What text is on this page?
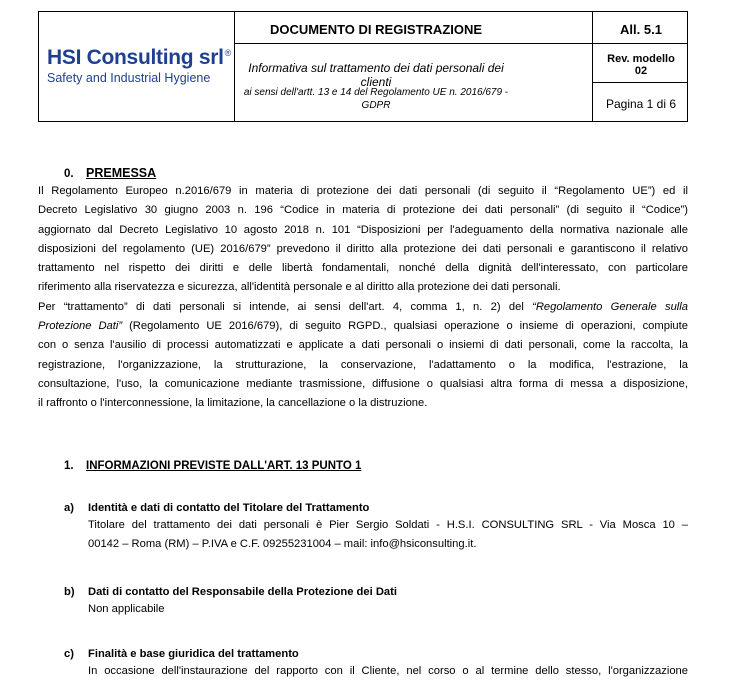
HSI Consulting srl®
Safety and Industrial Hygiene
DOCUMENTO DI REGISTRAZIONE
Informativa sul trattamento dei dati personali dei clienti
ai sensi dell'artt. 13 e 14 del Regolamento UE n. 2016/679 - GDPR
All. 5.1
Rev. modello
02
Pagina 1 di 6
0. PREMESSA
Il Regolamento Europeo n.2016/679 in materia di protezione dei dati personali (di seguito il “Regolamento UE”) ed il
Decreto Legislativo 30 giugno 2003 n. 196 “Codice in materia di protezione dei dati personali” (di seguito il “Codice”)
aggiornato dal Decreto Legislativo 10 agosto 2018 n. 101 “Disposizioni per l'adeguamento della normativa nazionale alle
disposizioni del regolamento (UE) 2016/679” prevedono il diritto alla protezione dei dati personali e garantiscono il relativo
trattamento nel rispetto dei diritti e delle libertà fondamentali, nonché della dignità dell'interessato, con particolare
riferimento alla riservatezza e sicurezza, all'identità personale e al diritto alla protezione dei dati personali.
Per “trattamento” di dati personali si intende, ai sensi dell'art. 4, comma 1, n. 2) del “Regolamento Generale sulla
Protezione Dati” (Regolamento UE 2016/679), di seguito RGPD., qualsiasi operazione o insieme di operazioni, compiute
con o senza l'ausilio di processi automatizzati e applicate a dati personali o insiemi di dati personali, come la raccolta, la
registrazione, l'organizzazione, la strutturazione, la conservazione, l'adattamento o la modifica, l'estrazione, la
consultazione, l'uso, la comunicazione mediante trasmissione, diffusione o qualsiasi altra forma di messa a disposizione,
il raffronto o l'interconnessione, la limitazione, la cancellazione o la distruzione.
1. INFORMAZIONI PREVISTE DALL'ART. 13 PUNTO 1
a) Identità e dati di contatto del Titolare del Trattamento
Titolare del trattamento dei dati personali è Pier Sergio Soldati - H.S.I. CONSULTING SRL - Via Mosca 10 –
00142 – Roma (RM) – P.IVA e C.F. 09255231004 – mail: info@hsiconsulting.it.
b) Dati di contatto del Responsabile della Protezione dei Dati
Non applicabile
c) Finalità e base giuridica del trattamento
In occasione dell'instaurazione del rapporto con il Cliente, nel corso o al termine dello stesso, l'organizzazione
